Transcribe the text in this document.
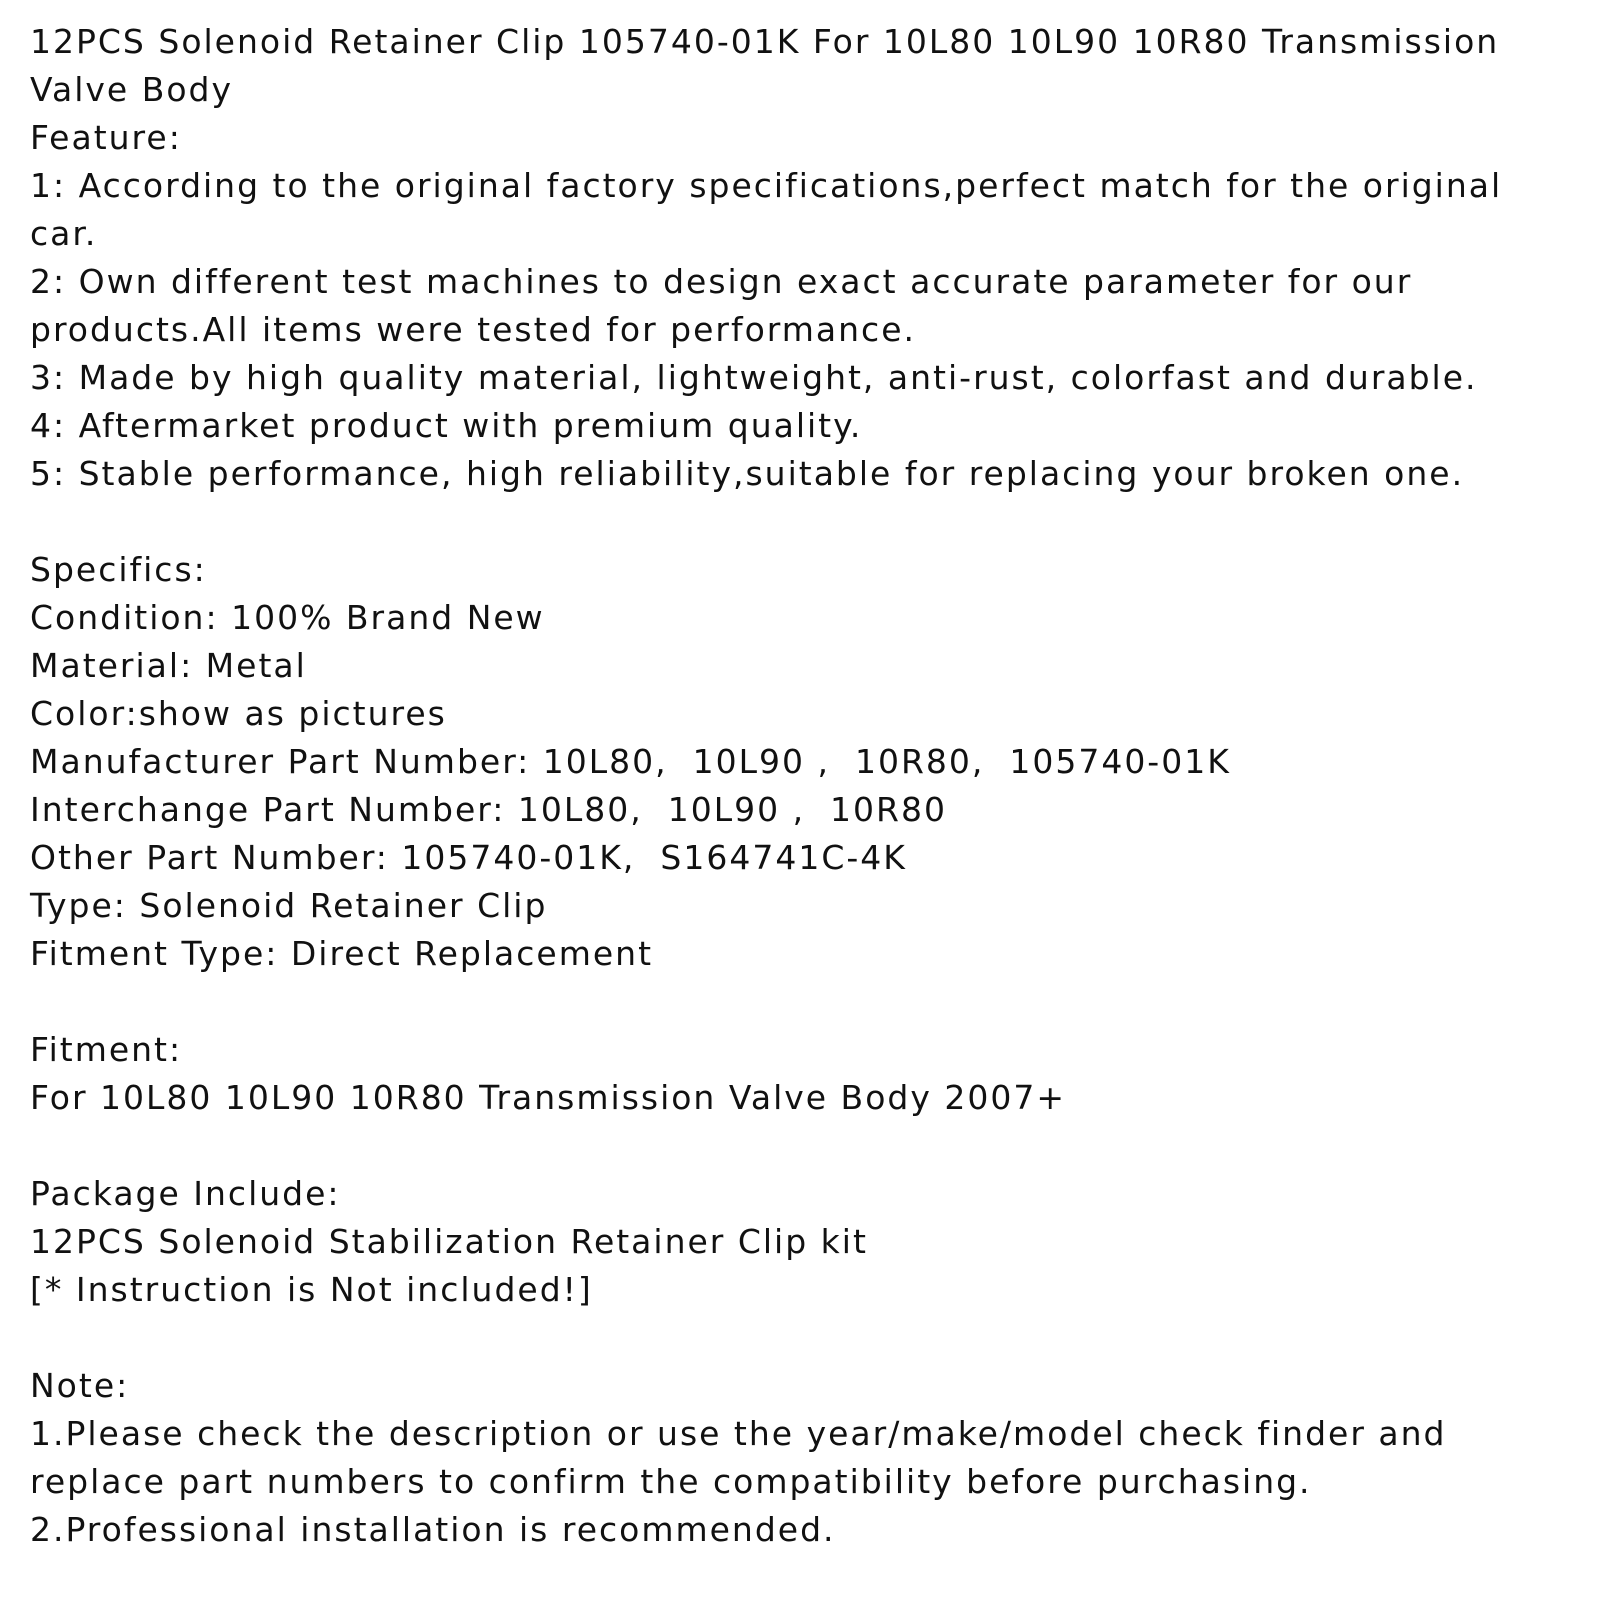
12PCS Solenoid Retainer Clip 105740-01K For 10L80 10L90 10R80 Transmission Valve Body

Feature:

1: According to the original factory specifications,perfect match for the original car.

2: Own different test machines to design exact accurate parameter for our products.All items were tested for performance.

3: Made by high quality material, lightweight, anti-rust, colorfast and durable.

4: Aftermarket product with premium quality.

5: Stable performance, high reliability,suitable for replacing your broken one.

Specifics:

Condition: 100% Brand New

Material: Metal

Color:show as pictures

Manufacturer Part Number: 10L80,  10L90 ,  10R80,  105740-01K

Interchange Part Number: 10L80,  10L90 ,  10R80

Other Part Number: 105740-01K,  S164741C-4K

Type: Solenoid Retainer Clip

Fitment Type: Direct Replacement

Fitment:

For 10L80 10L90 10R80 Transmission Valve Body 2007+

Package Include:

12PCS Solenoid Stabilization Retainer Clip kit

[* Instruction is Not included!]

Note:

1.Please check the description or use the year/make/model check finder and replace part numbers to confirm the compatibility before purchasing.

2.Professional installation is recommended.
